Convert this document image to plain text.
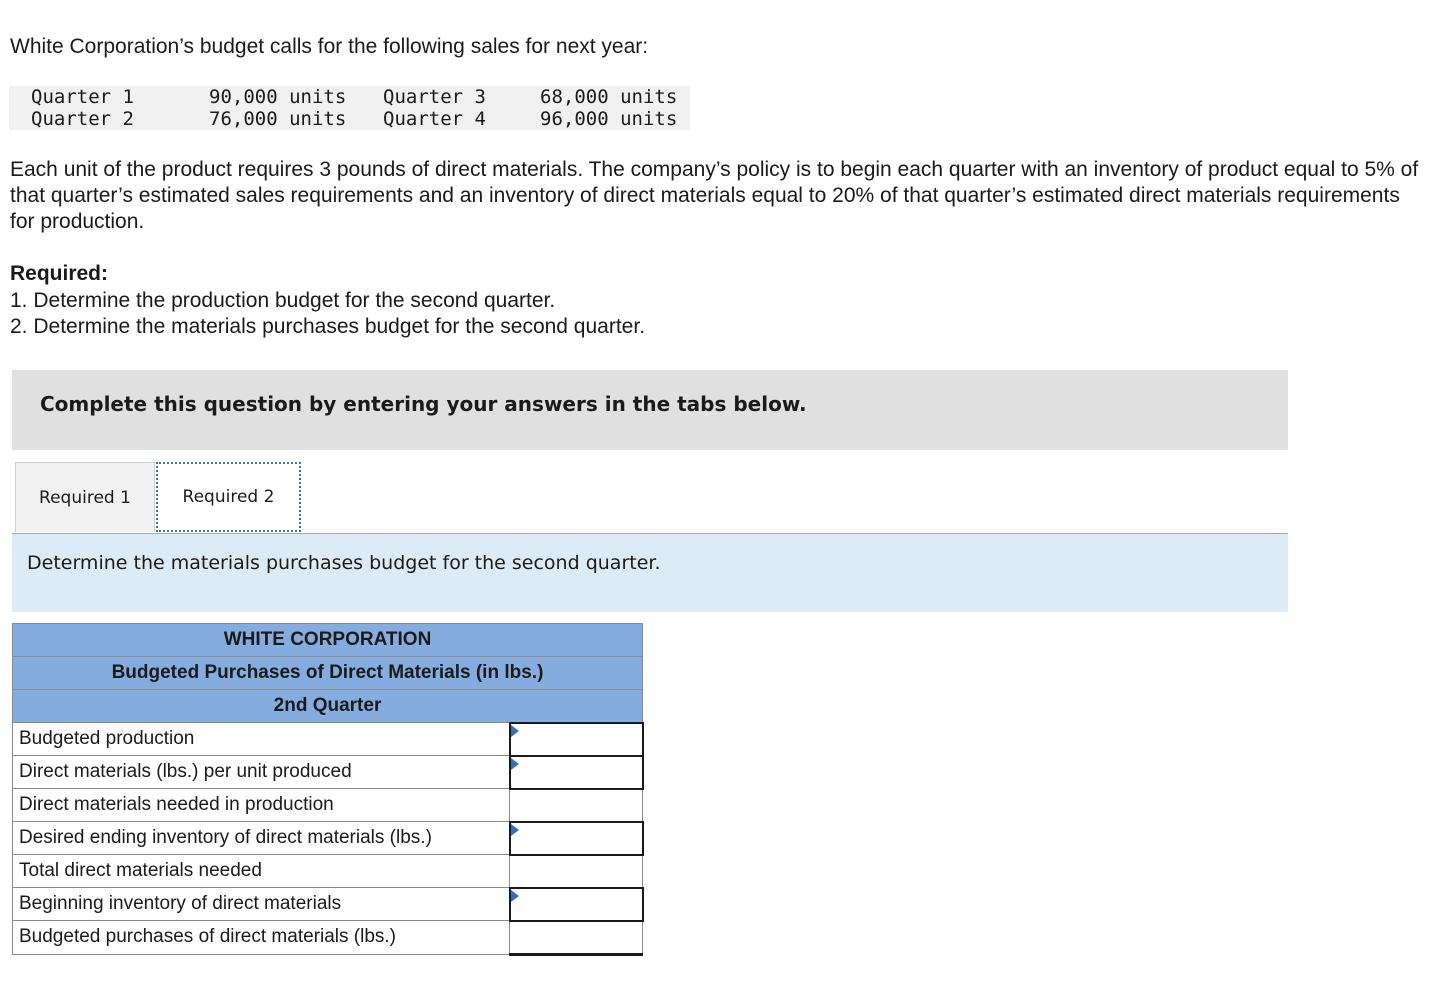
White Corporation’s budget calls for the following sales for next year:

Quarter 1	90,000 units	Quarter 3	68,000 units
Quarter 2	76,000 units	Quarter 4	96,000 units

Each unit of the product requires 3 pounds of direct materials. The company’s policy is to begin each quarter with an inventory of product equal to 5% of that quarter’s estimated sales requirements and an inventory of direct materials equal to 20% of that quarter’s estimated direct materials requirements for production.

Required:

1. Determine the production budget for the second quarter.
2. Determine the materials purchases budget for the second quarter.

Complete this question by entering your answers in the tabs below.

Required 1	Required 2

Determine the materials purchases budget for the second quarter.

WHITE CORPORATION	
Budgeted Purchases of Direct Materials (in lbs.)	
2nd Quarter	
Budgeted production	

Direct materials (lbs.) per unit produced	

Direct materials needed in production	
Desired ending inventory of direct materials (lbs.)	

Total direct materials needed	
Beginning inventory of direct materials	

Budgeted purchases of direct materials (lbs.)	
